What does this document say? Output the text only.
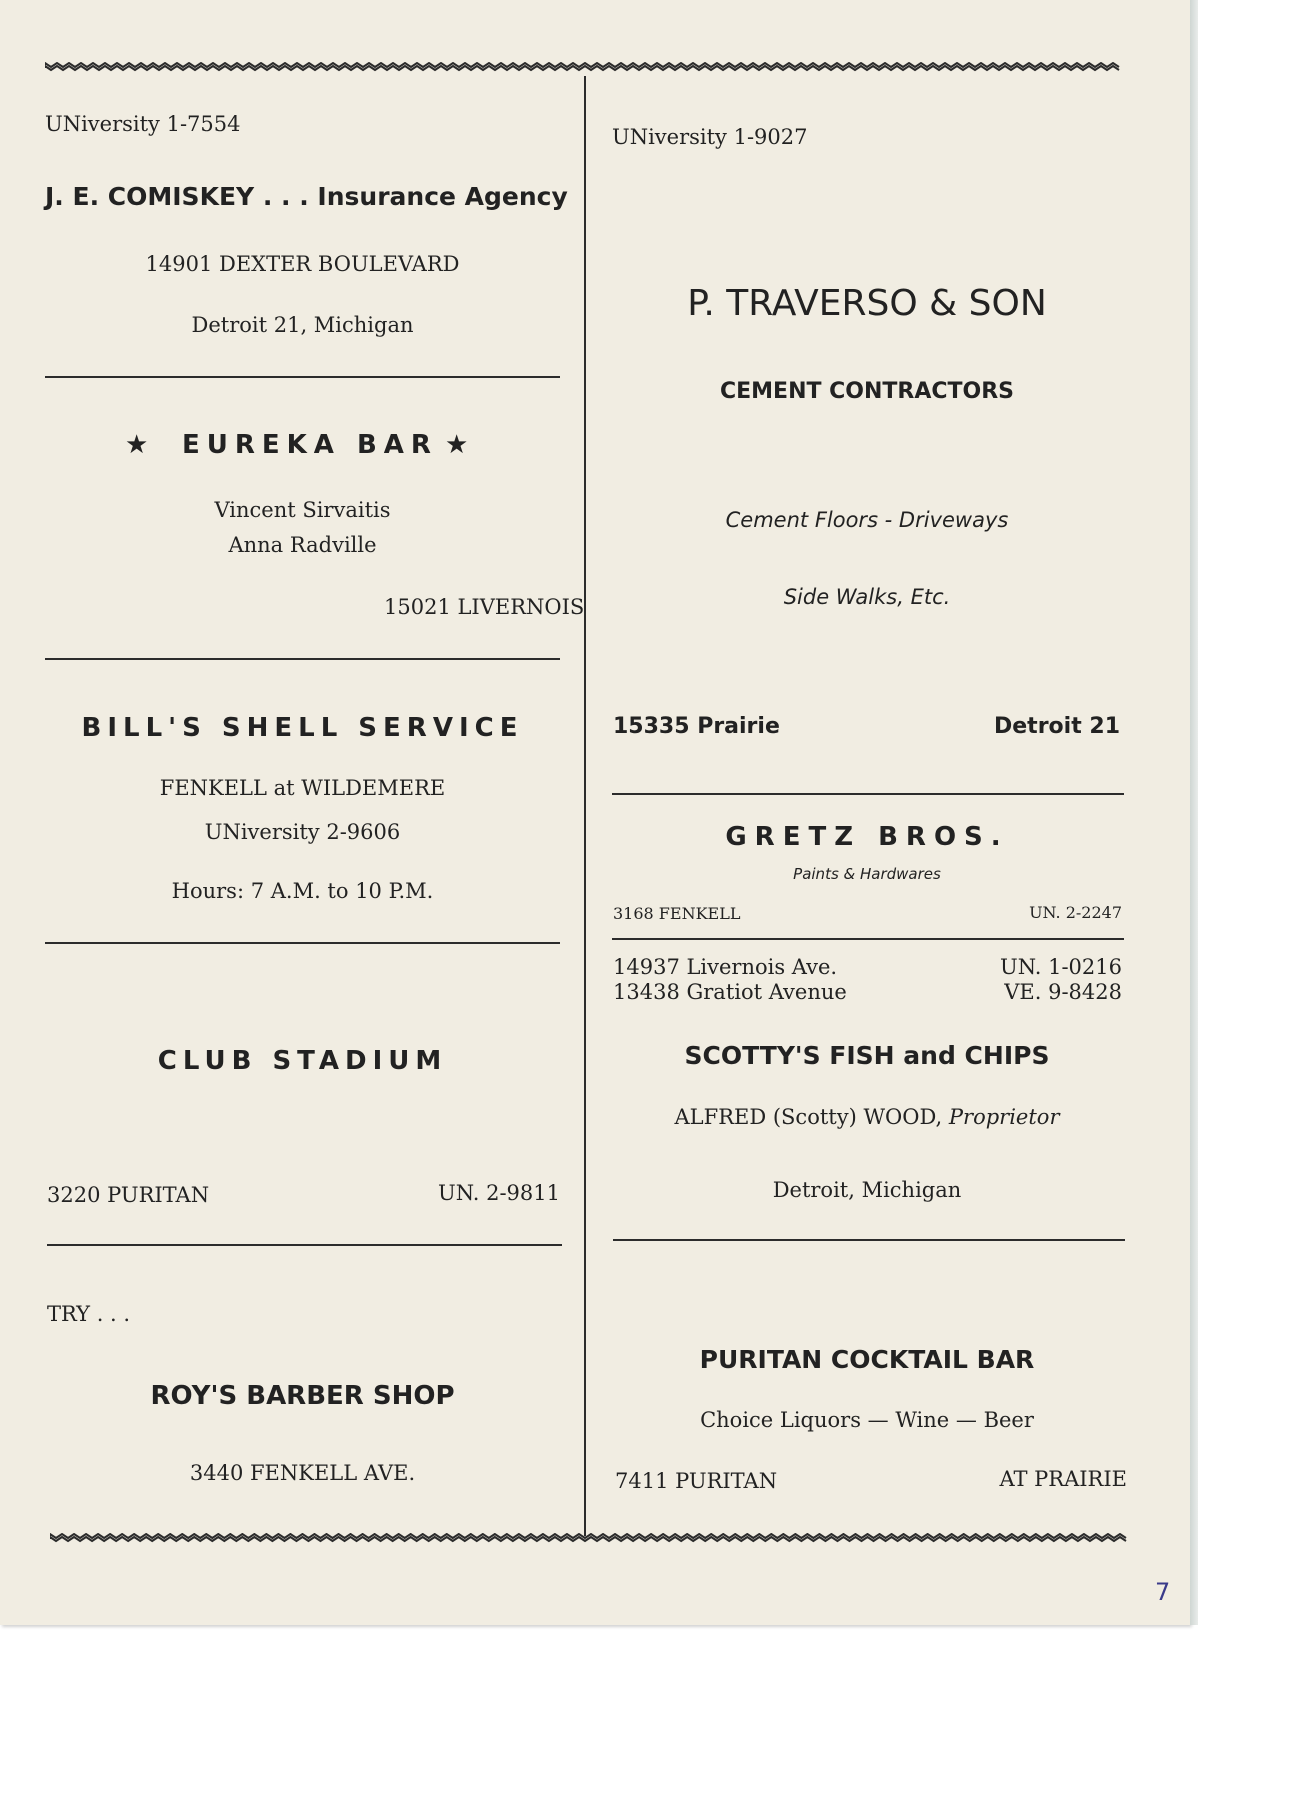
UNiversity 1-7554
J. E. COMISKEY . . . Insurance Agency
14901 DEXTER BOULEVARD
Detroit 21, Michigan
★ EUREKA BAR ★
Vincent Sirvaitis
Anna Radville
15021 LIVERNOIS
BILL'S SHELL SERVICE
FENKELL at WILDEMERE
UNiversity 2-9606
Hours: 7 A.M. to 10 P.M.
CLUB STADIUM
3220 PURITAN	UN. 2-9811
TRY . . .
ROY'S BARBER SHOP
3440 FENKELL AVE.
UNiversity 1-9027
P. TRAVERSO & SON
CEMENT CONTRACTORS
Cement Floors - Driveways
Side Walks, Etc.
15335 Prairie	Detroit 21
GRETZ BROS.
Paints & Hardwares
3168 FENKELL	UN. 2-2247
14937 Livernois Ave.	UN. 1-0216
13438 Gratiot Avenue	VE. 9-8428
SCOTTY'S FISH and CHIPS
ALFRED (Scotty) WOOD, Proprietor
Detroit, Michigan
PURITAN COCKTAIL BAR
Choice Liquors — Wine — Beer
7411 PURITAN	AT PRAIRIE
7
